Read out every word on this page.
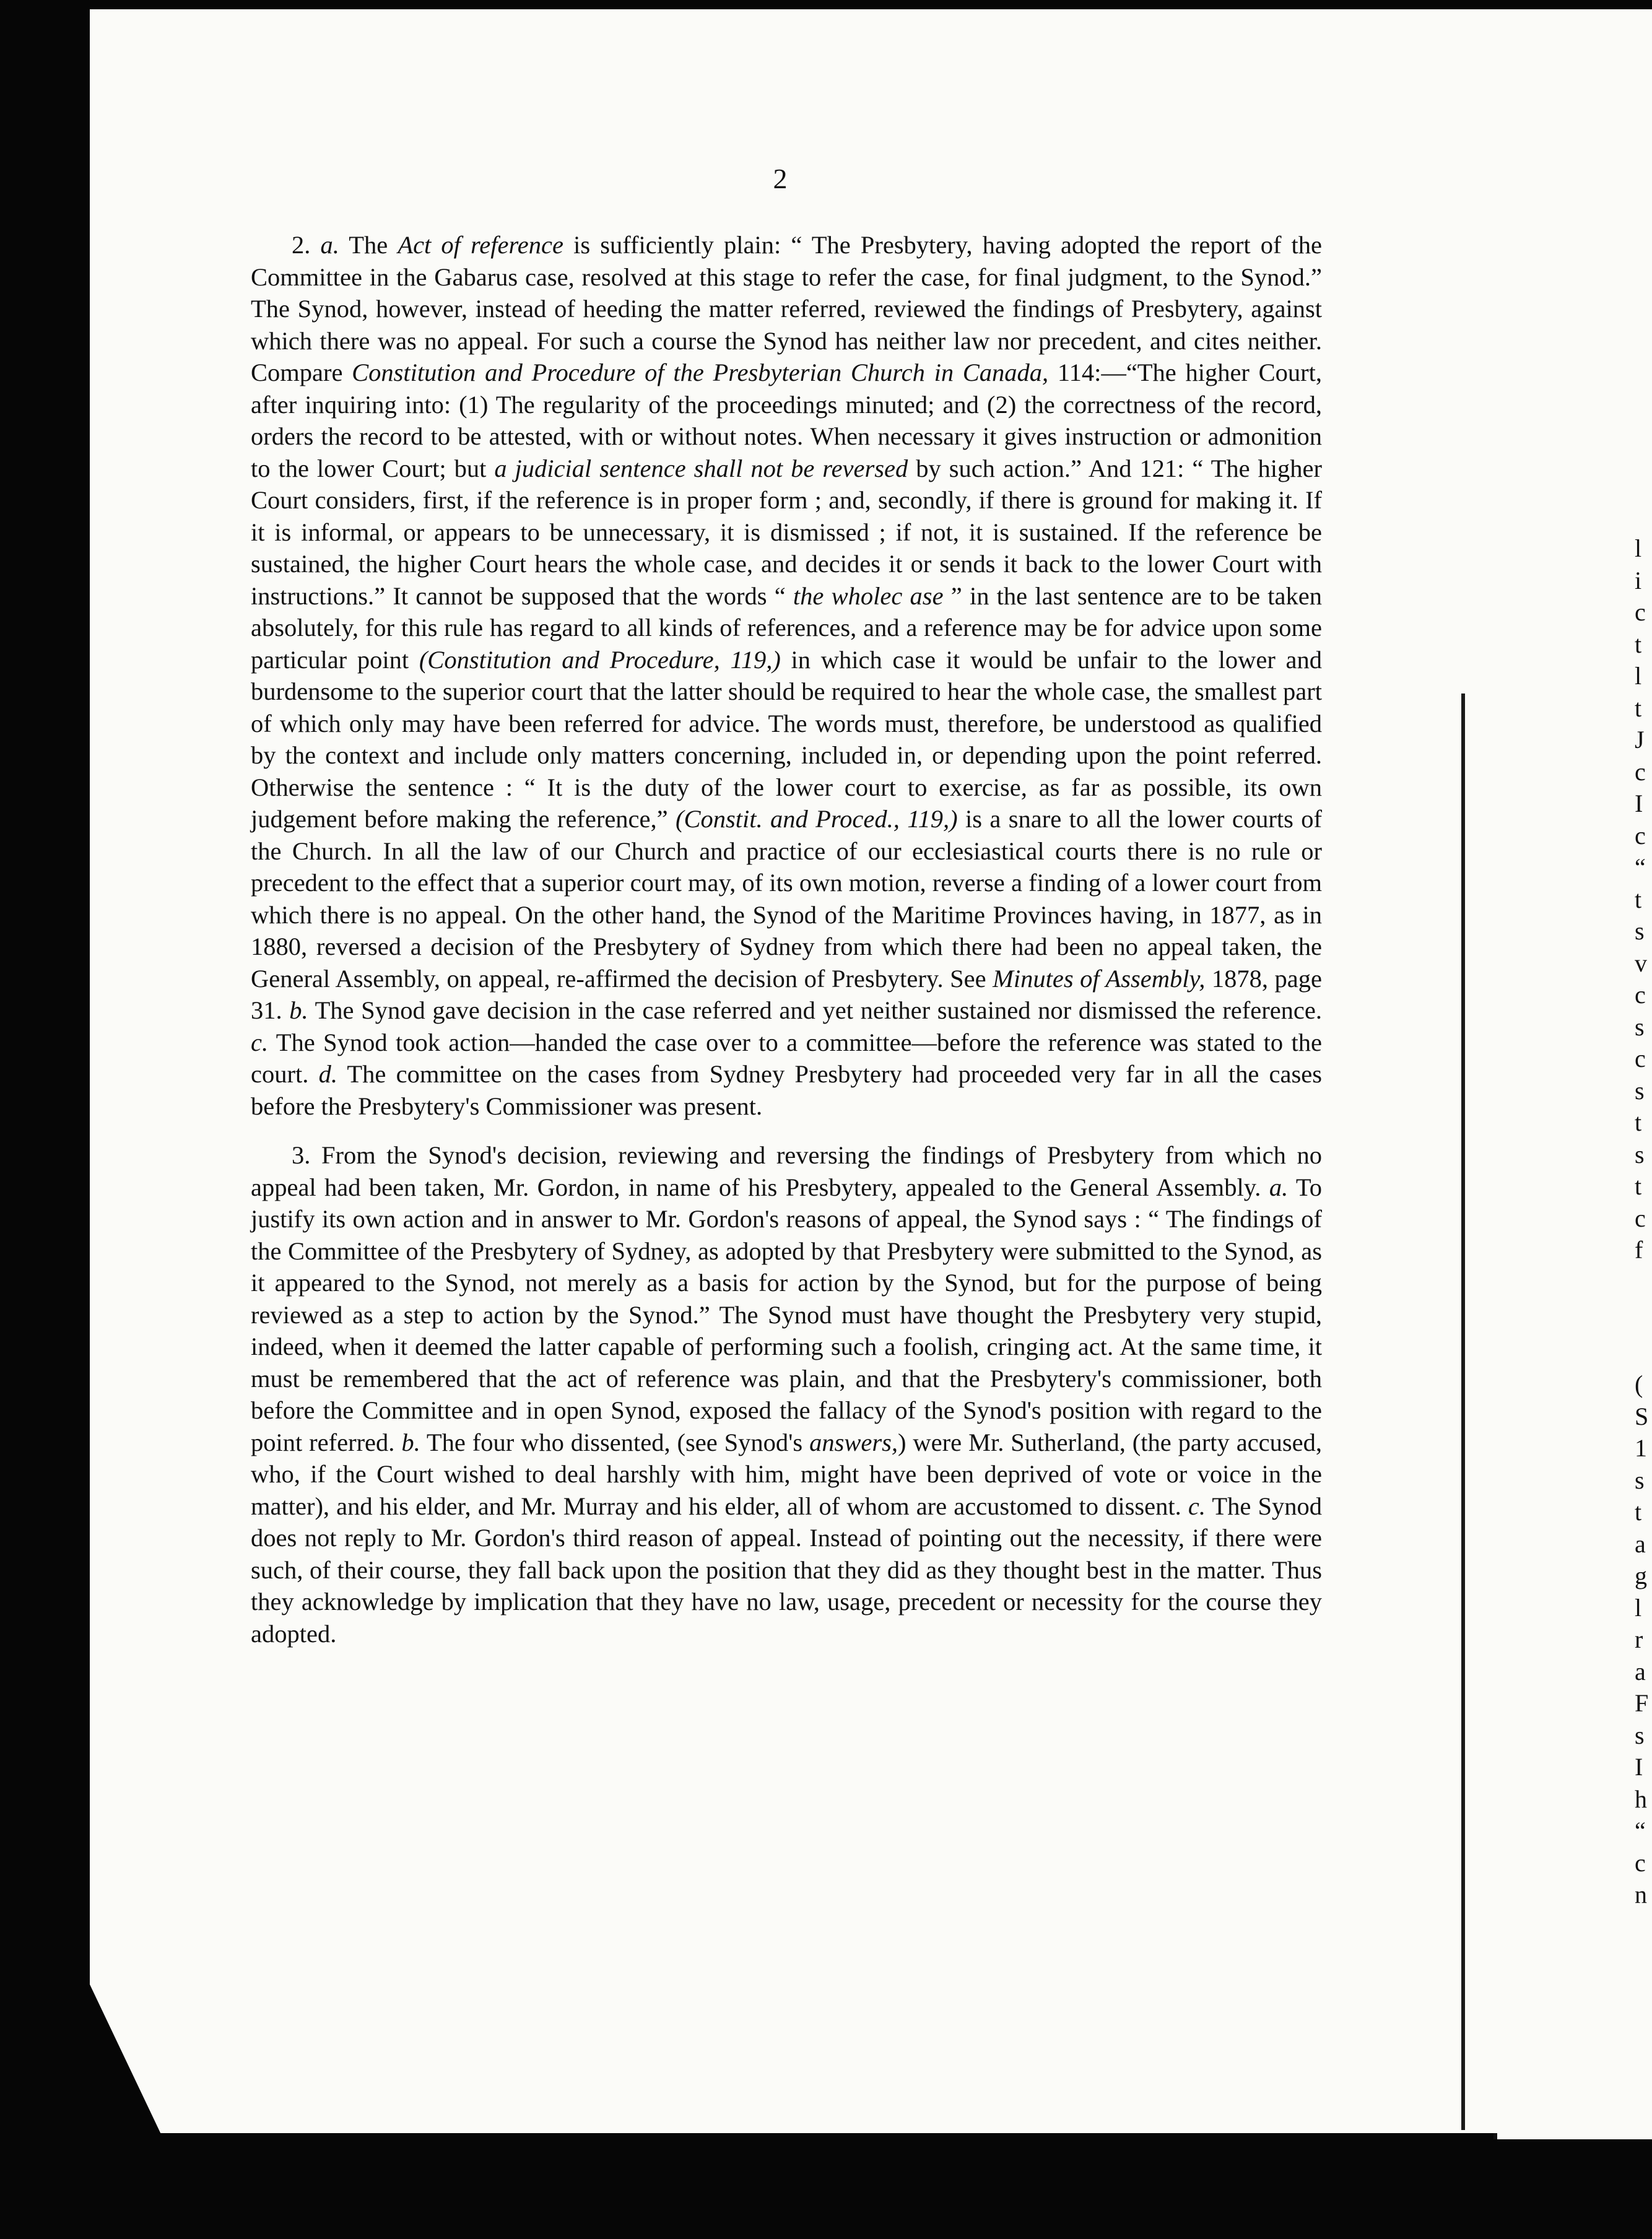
2

2. a. The Act of reference is sufficiently plain: “ The Presbytery, having adopted the report of the Committee in the Gabarus case, resolved at this stage to refer the case, for final judgment, to the Synod.” The Synod, however, instead of heeding the matter referred, reviewed the findings of Presbytery, against which there was no appeal. For such a course the Synod has neither law nor precedent, and cites neither. Compare Constitution and Procedure of the Presbyterian Church in Canada, 114:—“The higher Court, after inquiring into: (1) The regularity of the proceedings minuted; and (2) the correctness of the record, orders the record to be attested, with or without notes. When necessary it gives instruction or admonition to the lower Court; but a judicial sentence shall not be reversed by such action.” And 121: “ The higher Court considers, first, if the reference is in proper form ; and, secondly, if there is ground for making it. If it is informal, or appears to be unnecessary, it is dismissed ; if not, it is sustained. If the reference be sustained, the higher Court hears the whole case, and decides it or sends it back to the lower Court with instructions.” It cannot be supposed that the words “ the wholec ase ” in the last sentence are to be taken absolutely, for this rule has regard to all kinds of references, and a reference may be for advice upon some particular point (Constitution and Procedure, 119,) in which case it would be unfair to the lower and burdensome to the superior court that the latter should be required to hear the whole case, the smallest part of which only may have been referred for advice. The words must, therefore, be understood as qualified by the context and include only matters concerning, included in, or depending upon the point referred. Otherwise the sentence : “ It is the duty of the lower court to exercise, as far as possible, its own judgement before making the reference,” (Constit. and Proced., 119,) is a snare to all the lower courts of the Church. In all the law of our Church and practice of our ecclesiastical courts there is no rule or precedent to the effect that a superior court may, of its own motion, reverse a finding of a lower court from which there is no appeal. On the other hand, the Synod of the Maritime Provinces having, in 1877, as in 1880, reversed a decision of the Presbytery of Sydney from which there had been no appeal taken, the General Assembly, on appeal, re-affirmed the decision of Presbytery. See Minutes of Assembly, 1878, page 31. b. The Synod gave decision in the case referred and yet neither sustained nor dismissed the reference. c. The Synod took action—handed the case over to a committee—before the reference was stated to the court. d. The committee on the cases from Sydney Presbytery had proceeded very far in all the cases before the Presbytery's Commissioner was present.

3. From the Synod's decision, reviewing and reversing the findings of Presbytery from which no appeal had been taken, Mr. Gordon, in name of his Presbytery, appealed to the General Assembly. a. To justify its own action and in answer to Mr. Gordon's reasons of appeal, the Synod says : “ The findings of the Committee of the Presbytery of Sydney, as adopted by that Presbytery were submitted to the Synod, as it appeared to the Synod, not merely as a basis for action by the Synod, but for the purpose of being reviewed as a step to action by the Synod.” The Synod must have thought the Presbytery very stupid, indeed, when it deemed the latter capable of performing such a foolish, cringing act. At the same time, it must be remembered that the act of reference was plain, and that the Presbytery's commissioner, both before the Committee and in open Synod, exposed the fallacy of the Synod's position with regard to the point referred. b. The four who dissented, (see Synod's answers,) were Mr. Sutherland, (the party accused, who, if the Court wished to deal harshly with him, might have been deprived of vote or voice in the matter), and his elder, and Mr. Murray and his elder, all of whom are accustomed to dissent. c. The Synod does not reply to Mr. Gordon's third reason of appeal. Instead of pointing out the necessity, if there were such, of their course, they fall back upon the position that they did as they thought best in the matter. Thus they acknowledge by implication that they have no law, usage, precedent or necessity for the course they adopted.

l
i
c
t
l
t
J
c
I
c
“
t
s
v
c
s
c
s
t
s
t
c
f
(
S
1
s
t
a
g
l
r
a
F
s
I
h
“
c
n
